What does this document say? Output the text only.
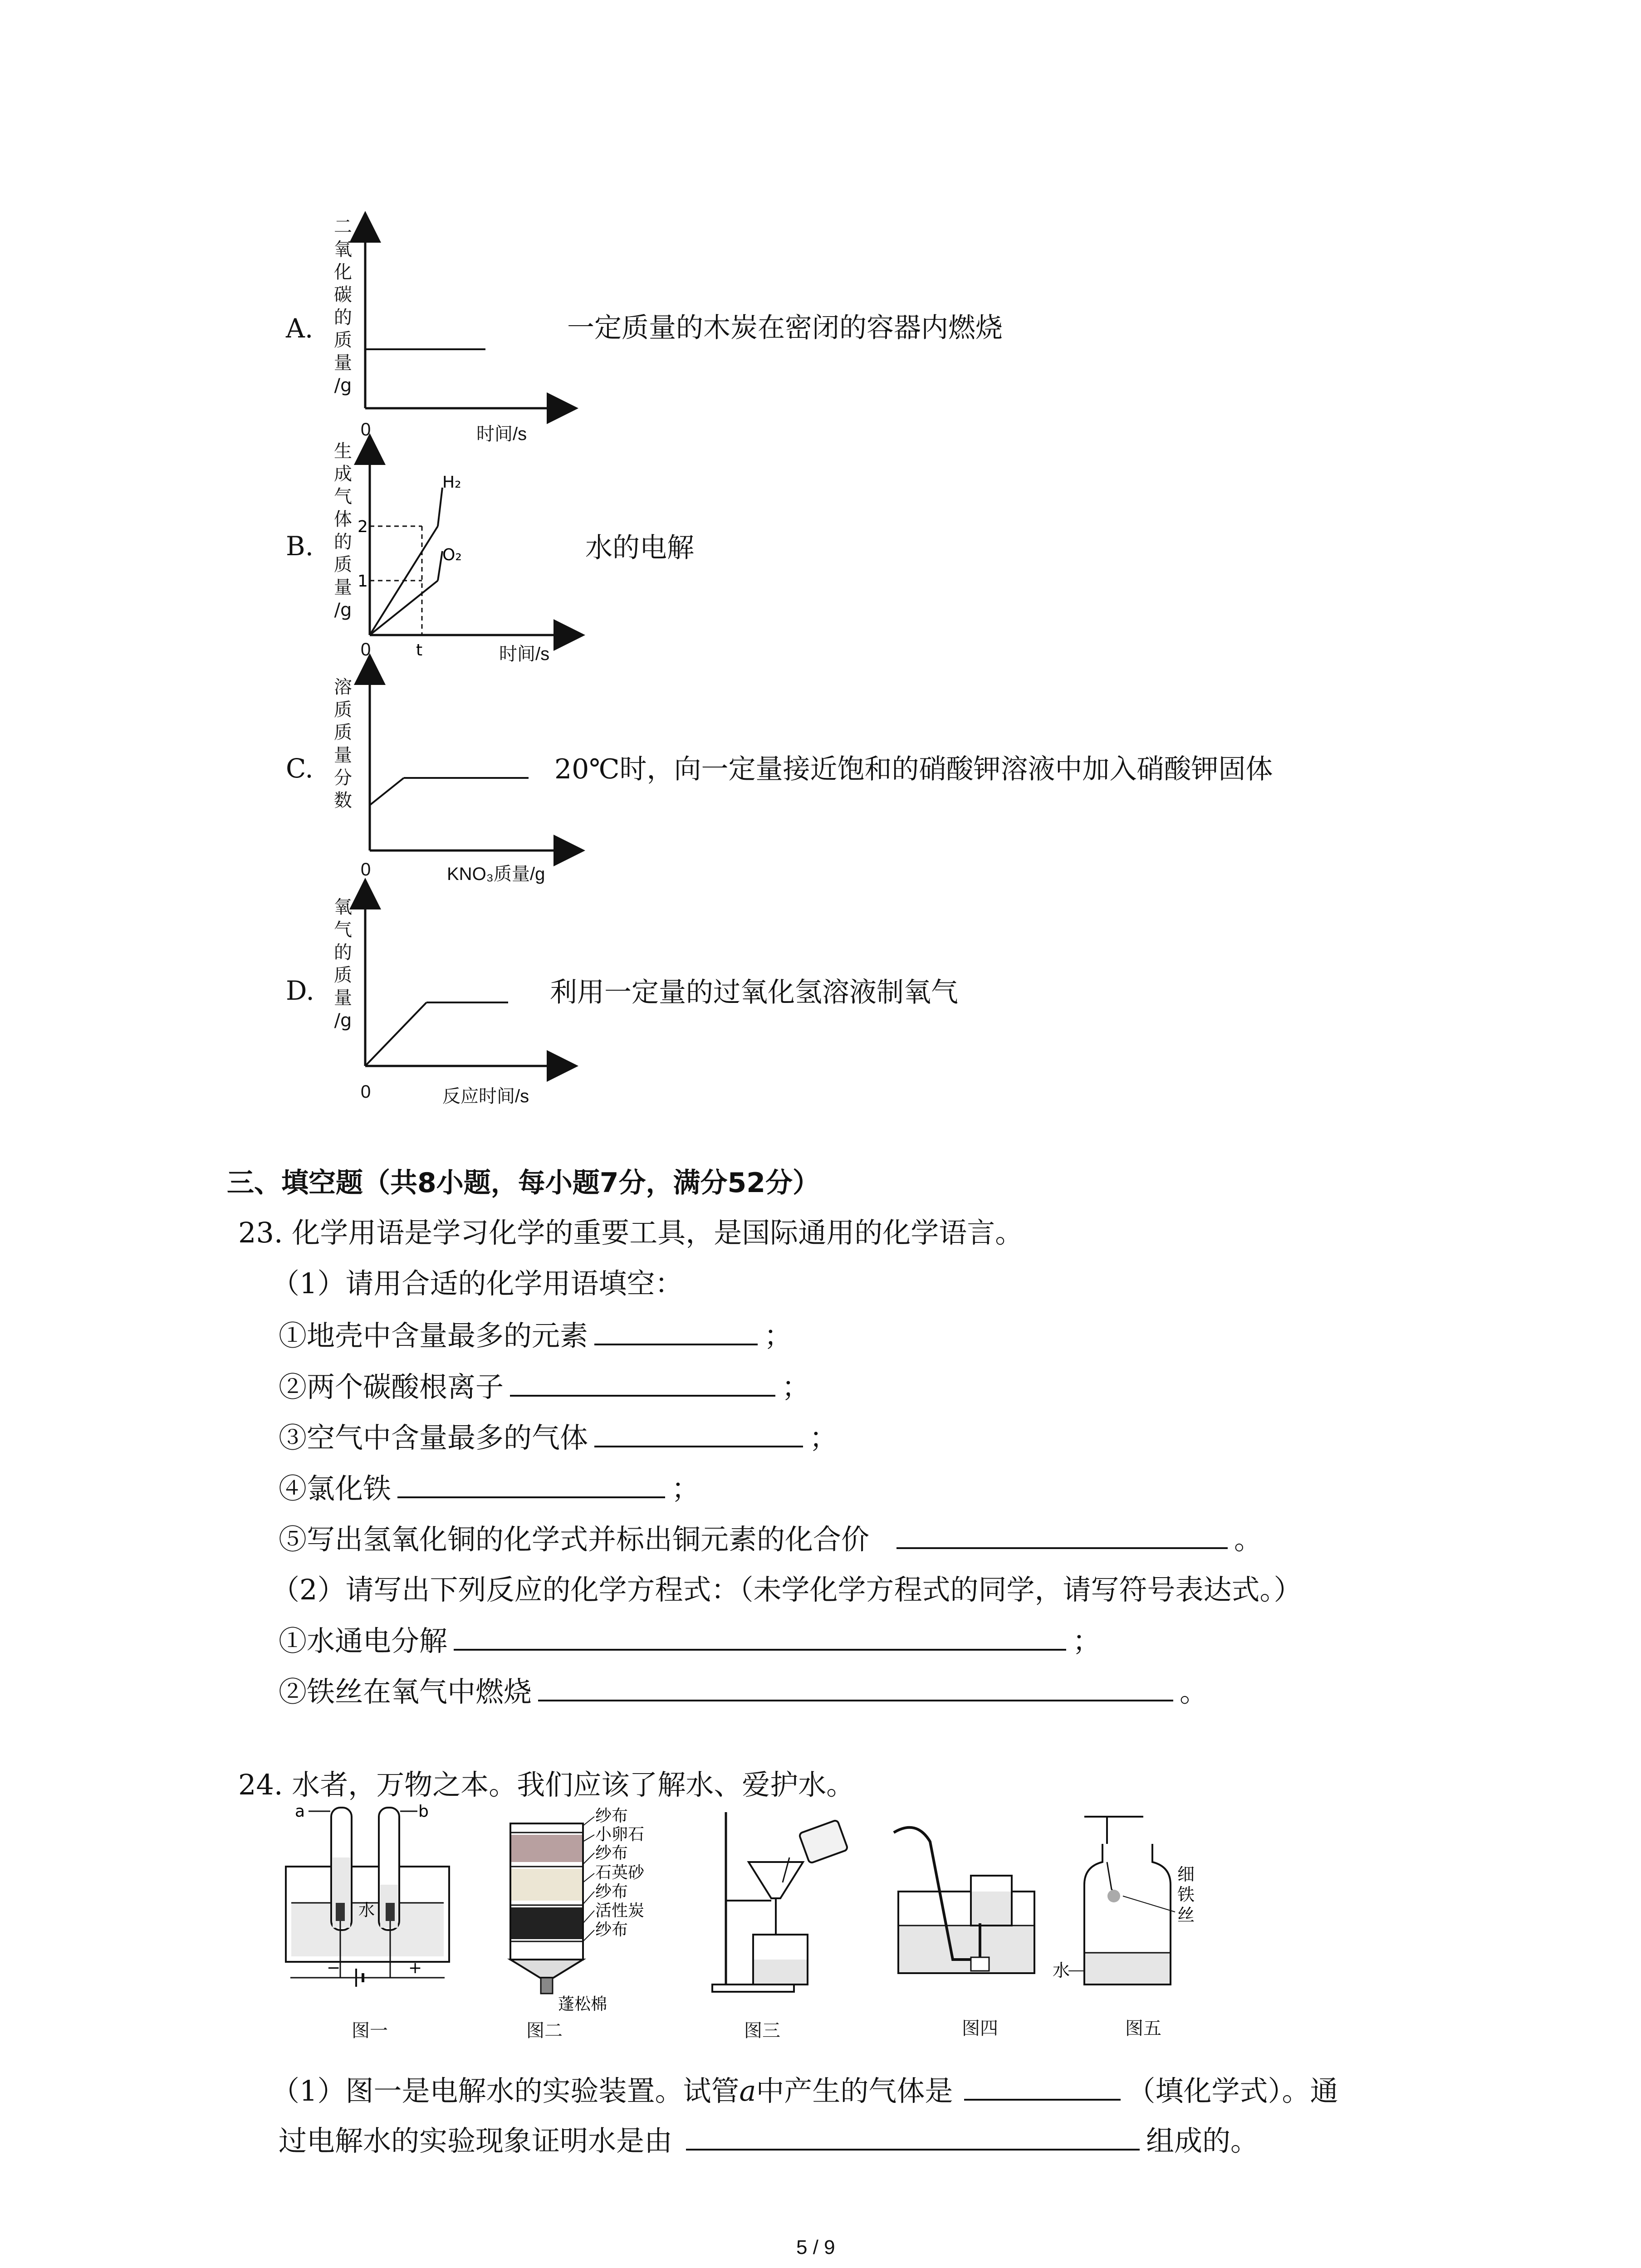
A.
二
氧
化
碳
的
质
量
/g
0	时间/s
一定质量的木炭在密闭的容器内燃烧
B.
生
成
气
体
的
质
量
/g
H₂
O₂
2
1
t
0	时间/s
水的电解
C.
溶
质
质
量
分
数
0	KNO₃质量/g
20℃时，向一定量接近饱和的硝酸钾溶液中加入硝酸钾固体
D.
氧
气
的
质
量
/g
0	反应时间/s
利用一定量的过氧化氢溶液制氧气
三、填空题（共8小题，每小题7分，满分52分）
23. 化学用语是学习化学的重要工具，是国际通用的化学语言。
（1）请用合适的化学用语填空：
①地壳中含量最多的元素	；
②两个碳酸根离子	；
③空气中含量最多的气体	；
④氯化铁	；
⑤写出氢氧化铜的化学式并标出铜元素的化合价	。
（2）请写出下列反应的化学方程式：（未学化学方程式的同学，请写符号表达式。）
①水通电分解	；
②铁丝在氧气中燃烧	。
24. 水者，万物之本。我们应该了解水、爱护水。
a	b
水
−	+
图一
纱布
小卵石
纱布
石英砂
纱布
活性炭
纱布
蓬松棉
图二	图三	图四
细
铁
丝
水
图五
（1）图一是电解水的实验装置。试管a中产生的气体是	（填化学式）。通
过电解水的实验现象证明水是由	组成的。
5 / 9
